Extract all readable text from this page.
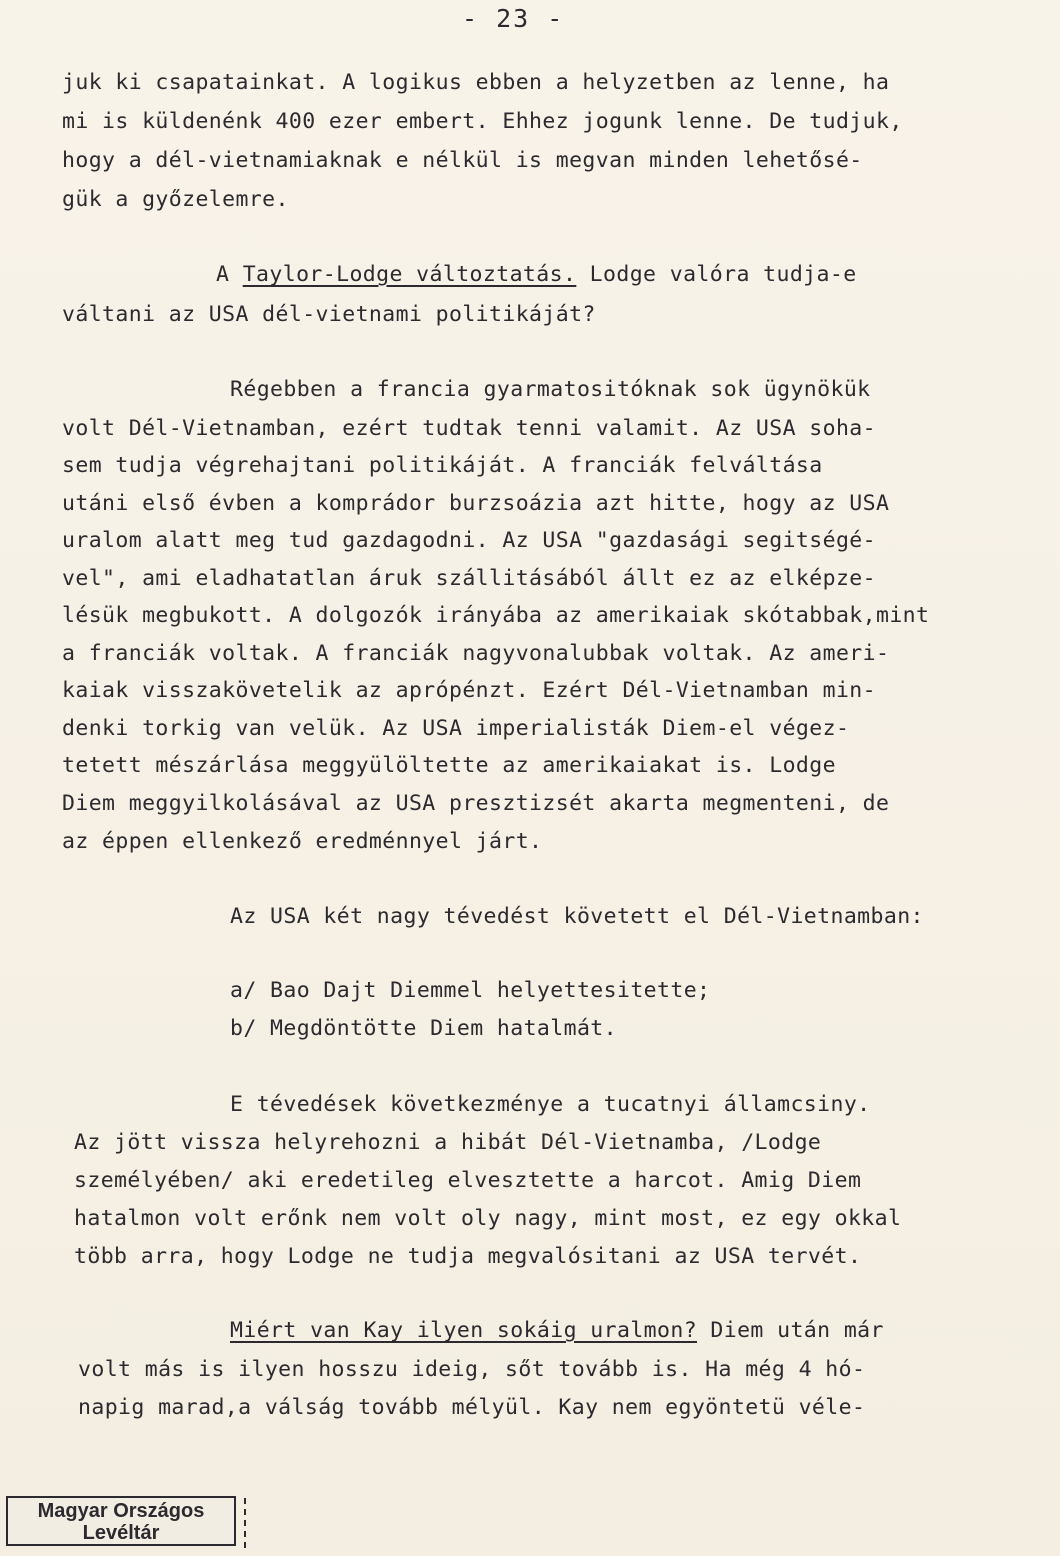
- 23 -
juk ki csapatainkat. A logikus ebben a helyzetben az lenne, ha
mi is küldenénk 400 ezer embert. Ehhez jogunk lenne. De tudjuk,
hogy a dél-vietnamiaknak e nélkül is megvan minden lehetősé-
gük a győzelemre.
A Taylor-Lodge változtatás. Lodge valóra tudja-e
váltani az USA dél-vietnami politikáját?
Régebben a francia gyarmatositóknak sok ügynökük
volt Dél-Vietnamban, ezért tudtak tenni valamit. Az USA soha-
sem tudja végrehajtani politikáját. A franciák felváltása
utáni első évben a komprádor burzsoázia azt hitte, hogy az USA
uralom alatt meg tud gazdagodni. Az USA "gazdasági segitségé-
vel", ami eladhatatlan áruk szállitásából állt ez az elképze-
lésük megbukott. A dolgozók irányába az amerikaiak skótabbak,mint
a franciák voltak. A franciák nagyvonalubbak voltak. Az ameri-
kaiak visszakövetelik az aprópénzt. Ezért Dél-Vietnamban min-
denki torkig van velük. Az USA imperialisták Diem-el végez-
tetett mészárlása meggyülöltette az amerikaiakat is. Lodge
Diem meggyilkolásával az USA presztizsét akarta megmenteni, de
az éppen ellenkező eredménnyel járt.
Az USA két nagy tévedést követett el Dél-Vietnamban:
a/ Bao Dajt Diemmel helyettesitette;
b/ Megdöntötte Diem hatalmát.
E tévedések következménye a tucatnyi államcsiny.
Az jött vissza helyrehozni a hibát Dél-Vietnamba, /Lodge
személyében/ aki eredetileg elvesztette a harcot. Amig Diem
hatalmon volt erőnk nem volt oly nagy, mint most, ez egy okkal
több arra, hogy Lodge ne tudja megvalósitani az USA tervét.
Miért van Kay ilyen sokáig uralmon? Diem után már
volt más is ilyen hosszu ideig, sőt tovább is. Ha még 4 hó-
napig marad,a válság tovább mélyül. Kay nem egyöntetü véle-
Magyar Országos
Levéltár
